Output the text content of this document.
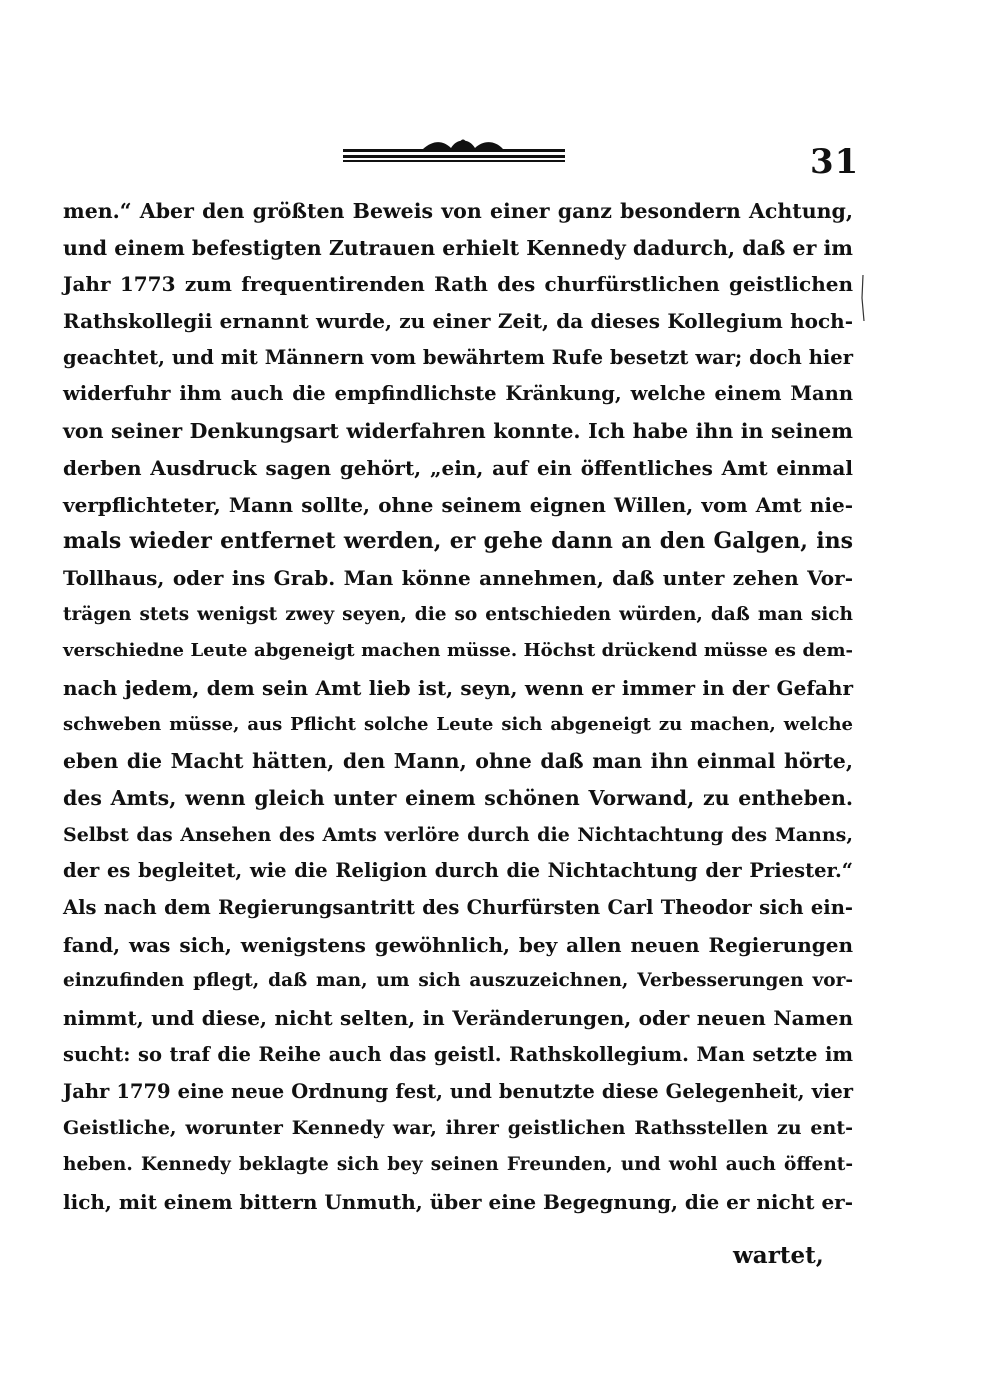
31
men.“ Aber den größten Beweis von einer ganz besondern Achtung,
und einem befestigten Zutrauen erhielt Kennedy dadurch, daß er im
Jahr 1773 zum frequentirenden Rath des churfürstlichen geistlichen
Rathskollegii ernannt wurde, zu einer Zeit, da dieses Kollegium hoch-
geachtet, und mit Männern vom bewährtem Rufe besetzt war; doch hier
widerfuhr ihm auch die empfindlichste Kränkung, welche einem Mann
von seiner Denkungsart widerfahren konnte. Ich habe ihn in seinem
derben Ausdruck sagen gehört, „ein, auf ein öffentliches Amt einmal
verpflichteter, Mann sollte, ohne seinem eignen Willen, vom Amt nie-
mals wieder entfernet werden, er gehe dann an den Galgen, ins
Tollhaus, oder ins Grab. Man könne annehmen, daß unter zehen Vor-
trägen stets wenigst zwey seyen, die so entschieden würden, daß man sich
verschiedne Leute abgeneigt machen müsse. Höchst drückend müsse es dem-
nach jedem, dem sein Amt lieb ist, seyn, wenn er immer in der Gefahr
schweben müsse, aus Pflicht solche Leute sich abgeneigt zu machen, welche
eben die Macht hätten, den Mann, ohne daß man ihn einmal hörte,
des Amts, wenn gleich unter einem schönen Vorwand, zu entheben.
Selbst das Ansehen des Amts verlöre durch die Nichtachtung des Manns,
der es begleitet, wie die Religion durch die Nichtachtung der Priester.“
Als nach dem Regierungsantritt des Churfürsten Carl Theodor sich ein-
fand, was sich, wenigstens gewöhnlich, bey allen neuen Regierungen
einzufinden pflegt, daß man, um sich auszuzeichnen, Verbesserungen vor-
nimmt, und diese, nicht selten, in Veränderungen, oder neuen Namen
sucht: so traf die Reihe auch das geistl. Rathskollegium. Man setzte im
Jahr 1779 eine neue Ordnung fest, und benutzte diese Gelegenheit, vier
Geistliche, worunter Kennedy war, ihrer geistlichen Rathsstellen zu ent-
heben. Kennedy beklagte sich bey seinen Freunden, und wohl auch öffent-
lich, mit einem bittern Unmuth, über eine Begegnung, die er nicht er-
wartet,
